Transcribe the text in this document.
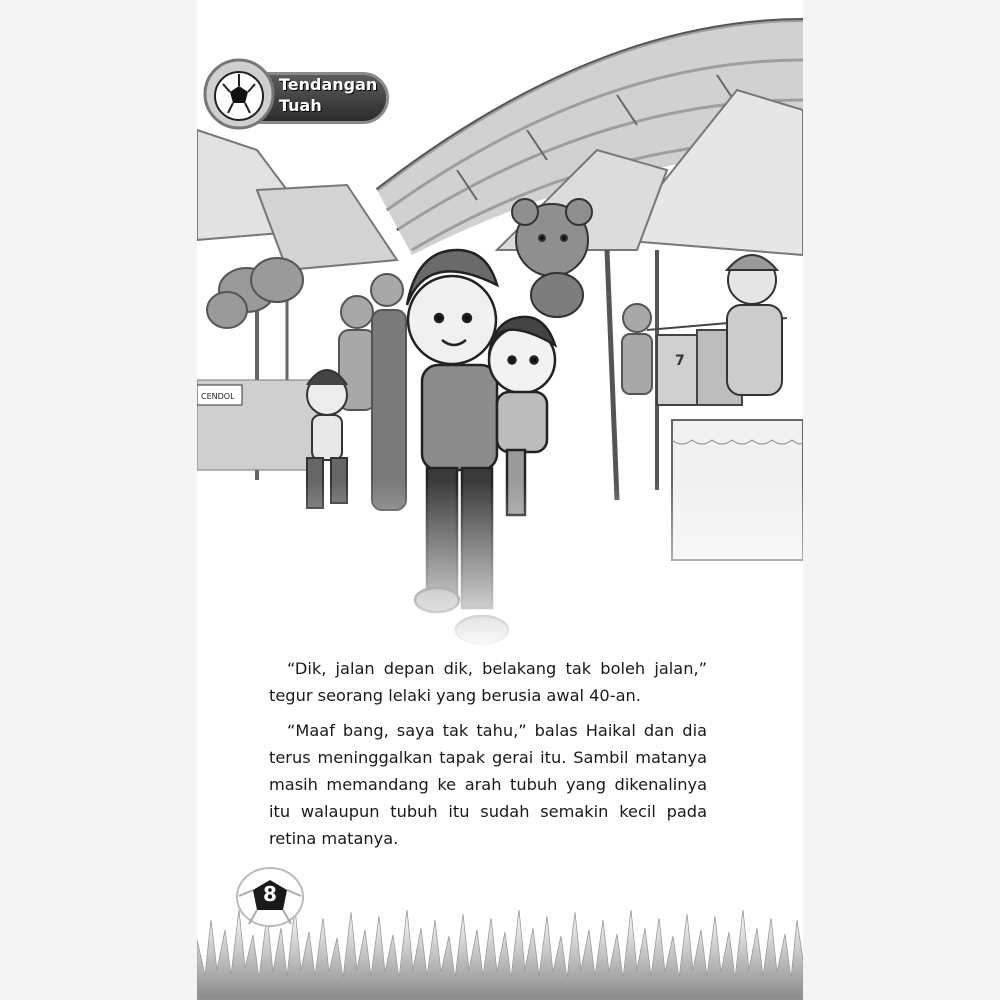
CENDOL
7
Tendangan
Tuah

“Dik, jalan depan dik, belakang tak boleh jalan,” tegur seorang lelaki yang berusia awal 40-an.

“Maaf bang, saya tak tahu,” balas Haikal dan dia terus meninggalkan tapak gerai itu. Sambil matanya masih memandang ke arah tubuh yang dikenalinya itu walaupun tubuh itu sudah semakin kecil pada retina matanya.

8
